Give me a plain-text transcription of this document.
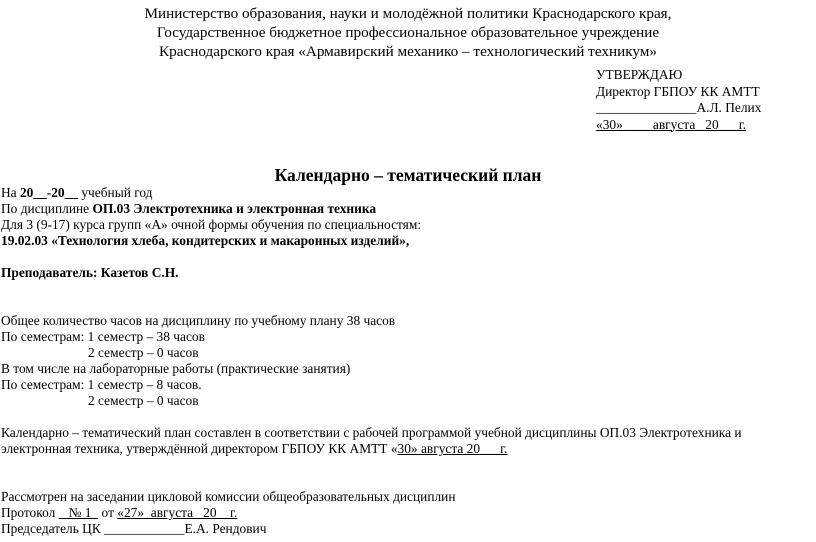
Министерство образования, науки и молодёжной политики Краснодарского края,
Государственное бюджетное профессиональное образовательное учреждение
Краснодарского края «Армавирский механико – технологический техникум»
УТВЕРЖДАЮ
Директор ГБПОУ КК АМТТ
_______________А.Л. Пелих
«30» ____августа_ 20___г.
Календарно – тематический план
На 20__-20__ учебный год
По дисциплине ОП.03 Электротехника и электронная техника
Для 3 (9-17) курса групп «А» очной формы обучения по специальностям:
19.02.03 «Технология хлеба, кондитерских и макаронных изделий»,
Преподаватель: Казетов С.Н.
Общее количество часов на дисциплину по учебному плану 38 часов
По семестрам: 1 семестр – 38 часов
2 семестр – 0 часов
В том числе на лабораторные работы (практические занятия)
По семестрам: 1 семестр – 8 часов.
2 семестр – 0 часов
Календарно – тематический план составлен в соответствии с рабочей программой учебной дисциплины ОП.03 Электротехника и электронная техника, утверждённой директором ГБПОУ КК АМТТ «30» августа 20___г.
Рассмотрен на заседании цикловой комиссии общеобразовательных дисциплин
Протокол    № 1   от «27»  августа   20    г.
Председатель ЦК ____________Е.А. Рендович
